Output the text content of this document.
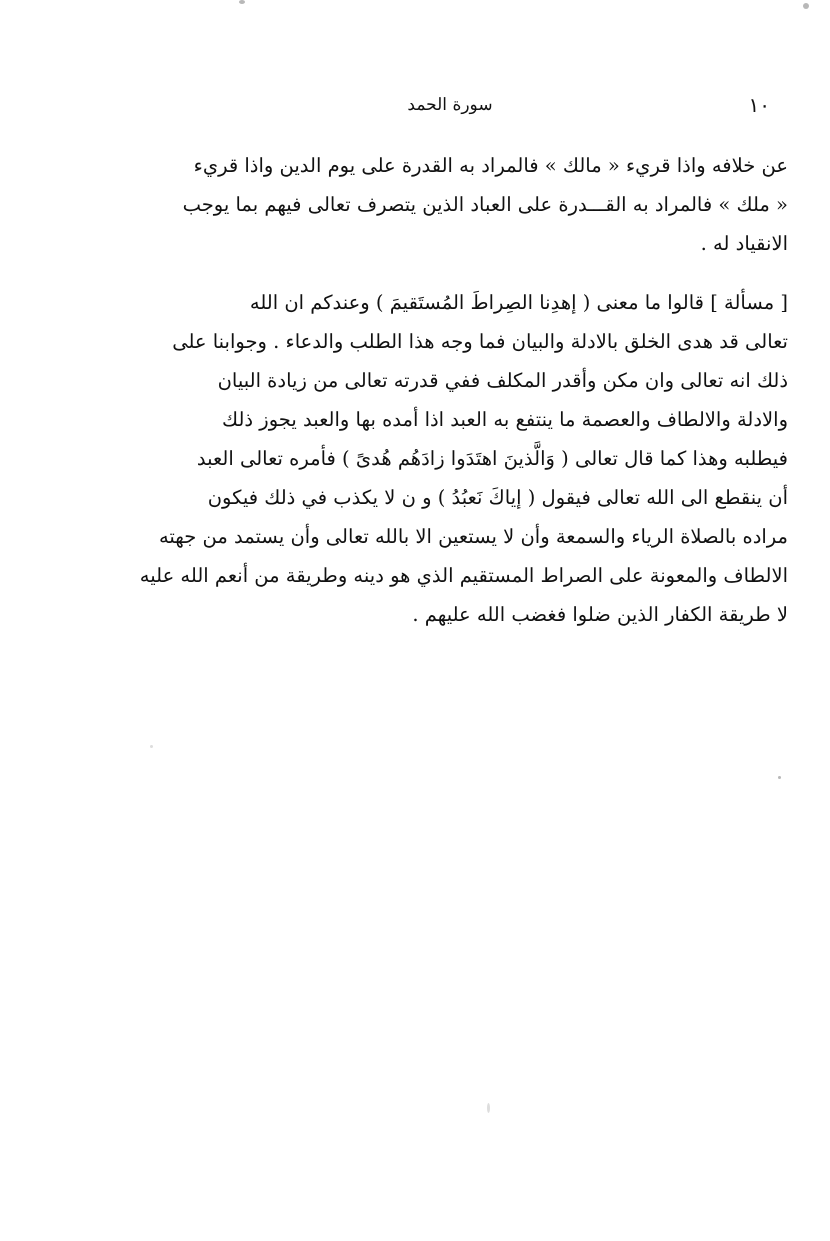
١٠
سورة الحمد
عن خلافه واذا قريء « مالك » فالمراد به القدرة على يوم الدين واذا قريء
« ملك » فالمراد به القـــدرة على العباد الذين يتصرف تعالى فيهم بما يوجب
الانقياد له .
[ مسألة ] قالوا ما معنى ( إهدِنا الصِراطَ المُستَقيمَ ) وعندكم ان الله
تعالى قد هدى الخلق بالادلة والبيان فما وجه هذا الطلب والدعاء . وجوابنا على
ذلك انه تعالى وان مكن وأقدر المكلف ففي قدرته تعالى من زيادة البيان
والادلة والالطاف والعصمة ما ينتفع به العبد اذا أمده بها والعبد يجوز ذلك
فيطلبه وهذا كما قال تعالى ( وَالَّذينَ اهتَدَوا زادَهُم هُدىً ) فأمره تعالى العبد
أن ينقطع الى الله تعالى فيقول ( إياكَ نَعبُدُ ) و ن لا يكذب في ذلك فيكون
مراده بالصلاة الرياء والسمعة وأن لا يستعين الا بالله تعالى وأن يستمد من جهته
الالطاف والمعونة على الصراط المستقيم الذي هو دينه وطريقة من أنعم الله عليه
لا طريقة الكفار الذين ضلوا فغضب الله عليهم .
